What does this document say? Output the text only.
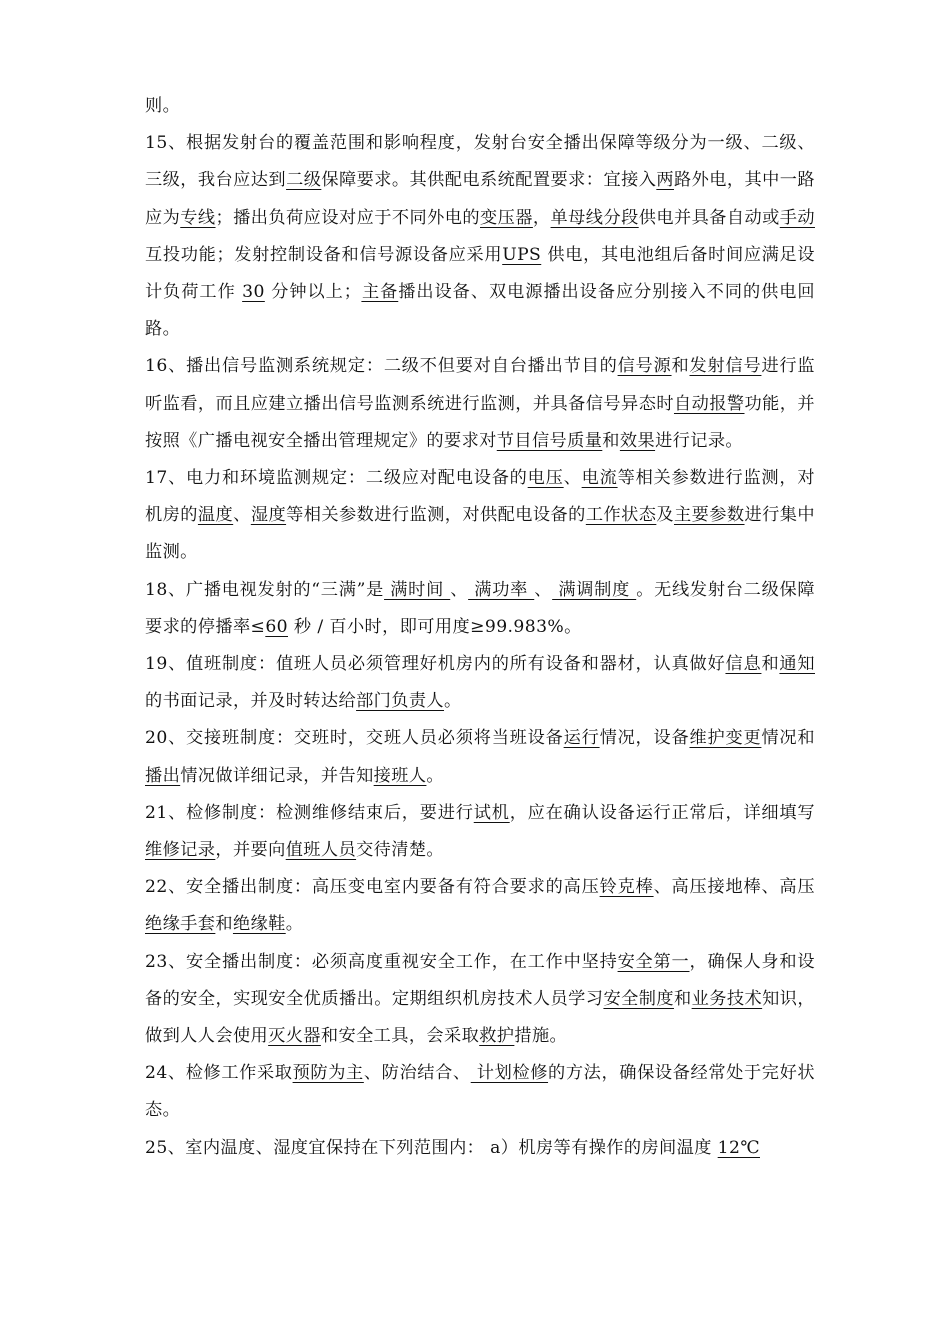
则。

15、根据发射台的覆盖范围和影响程度，发射台安全播出保障等级分为一级、二级、三级，我台应达到二级保障要求。其供配电系统配置要求：宜接入两路外电，其中一路应为专线；播出负荷应设对应于不同外电的变压器，单母线分段供电并具备自动或手动互投功能；发射控制设备和信号源设备应采用UPS 供电，其电池组后备时间应满足设计负荷工作 30 分钟以上；主备播出设备、双电源播出设备应分别接入不同的供电回路。

16、播出信号监测系统规定：二级不但要对自台播出节目的信号源和发射信号进行监听监看，而且应建立播出信号监测系统进行监测，并具备信号异态时自动报警功能，并按照《广播电视安全播出管理规定》的要求对节目信号质量和效果进行记录。

17、电力和环境监测规定：二级应对配电设备的电压、电流等相关参数进行监测，对机房的温度、湿度等相关参数进行监测，对供配电设备的工作状态及主要参数进行集中监测。

18、广播电视发射的“三满”是 满时间 、 满功率 、 满调制度 。无线发射台二级保障要求的停播率≤60 秒 / 百小时，即可用度≥99.983%。

19、值班制度：值班人员必须管理好机房内的所有设备和器材，认真做好信息和通知的书面记录，并及时转达给部门负责人。

20、交接班制度：交班时，交班人员必须将当班设备运行情况，设备维护变更情况和播出情况做详细记录，并告知接班人。

21、检修制度：检测维修结束后，要进行试机，应在确认设备运行正常后，详细填写维修记录，并要向值班人员交待清楚。

22、安全播出制度：高压变电室内要备有符合要求的高压铃克棒、高压接地棒、高压绝缘手套和绝缘鞋。

23、安全播出制度：必须高度重视安全工作，在工作中坚持安全第一，确保人身和设备的安全，实现安全优质播出。定期组织机房技术人员学习安全制度和业务技术知识，做到人人会使用灭火器和安全工具，会采取救护措施。

24、检修工作采取预防为主、防治结合、 计划检修的方法，确保设备经常处于完好状态。

25、室内温度、湿度宜保持在下列范围内： a）机房等有操作的房间温度 12℃
